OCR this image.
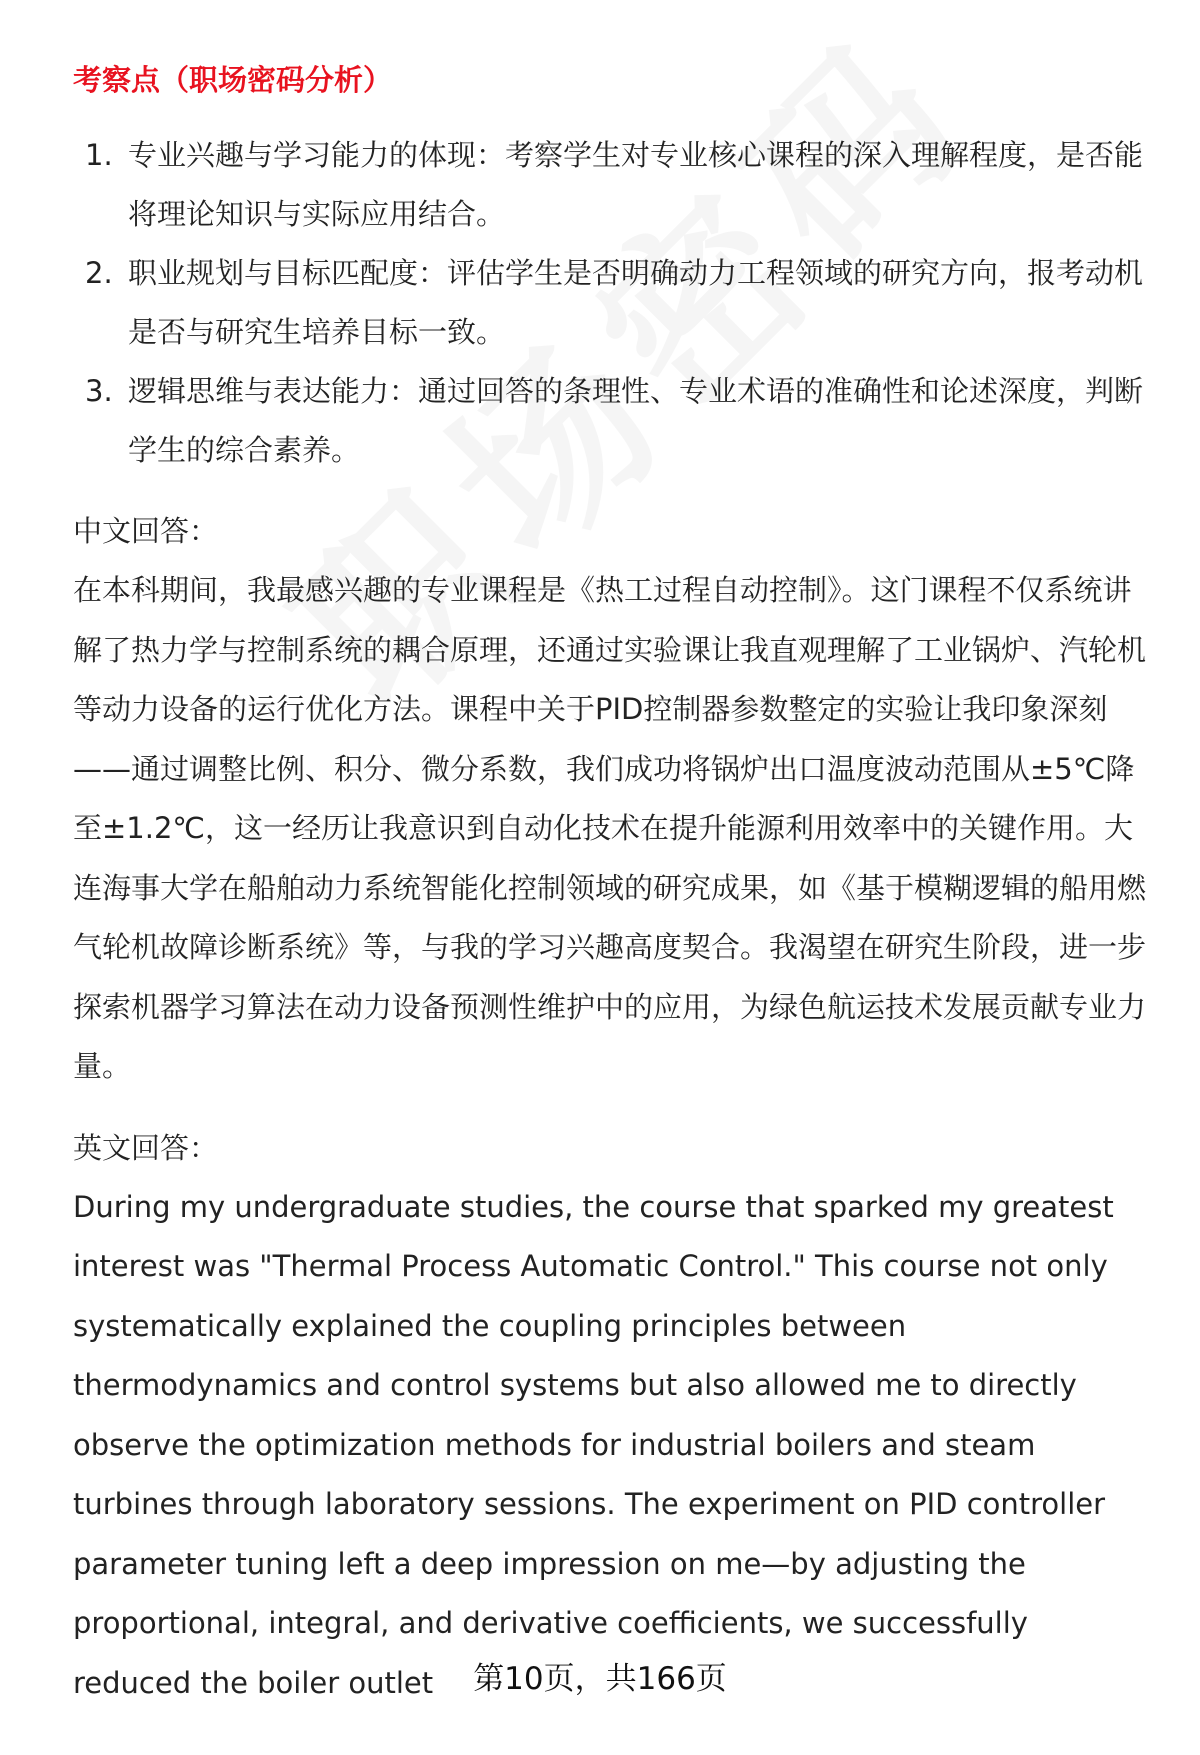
考察点（职场密码分析）
1. 专业兴趣与学习能力的体现：考察学生对专业核心课程的深入理解程度，是否能将理论知识与实际应用结合。
2. 职业规划与目标匹配度：评估学生是否明确动力工程领域的研究方向，报考动机是否与研究生培养目标一致。
3. 逻辑思维与表达能力：通过回答的条理性、专业术语的准确性和论述深度，判断学生的综合素养。
中文回答：

在本科期间，我最感兴趣的专业课程是《热工过程自动控制》。这门课程不仅系统讲解了热力学与控制系统的耦合原理，还通过实验课让我直观理解了工业锅炉、汽轮机等动力设备的运行优化方法。课程中关于PID控制器参数整定的实验让我印象深刻——通过调整比例、积分、微分系数，我们成功将锅炉出口温度波动范围从±5℃降至±1.2℃，这一经历让我意识到自动化技术在提升能源利用效率中的关键作用。大连海事大学在船舶动力系统智能化控制领域的研究成果，如《基于模糊逻辑的船用燃气轮机故障诊断系统》等，与我的学习兴趣高度契合。我渴望在研究生阶段，进一步探索机器学习算法在动力设备预测性维护中的应用，为绿色航运技术发展贡献专业力量。

英文回答：

During my undergraduate studies, the course that sparked my greatest interest was "Thermal Process Automatic Control." This course not only systematically explained the coupling principles between thermodynamics and control systems but also allowed me to directly observe the optimization methods for industrial boilers and steam turbines through laboratory sessions. The experiment on PID controller parameter tuning left a deep impression on me—by adjusting the proportional, integral, and derivative coefficients, we successfully reduced the boiler outlet	第10页，共166页
